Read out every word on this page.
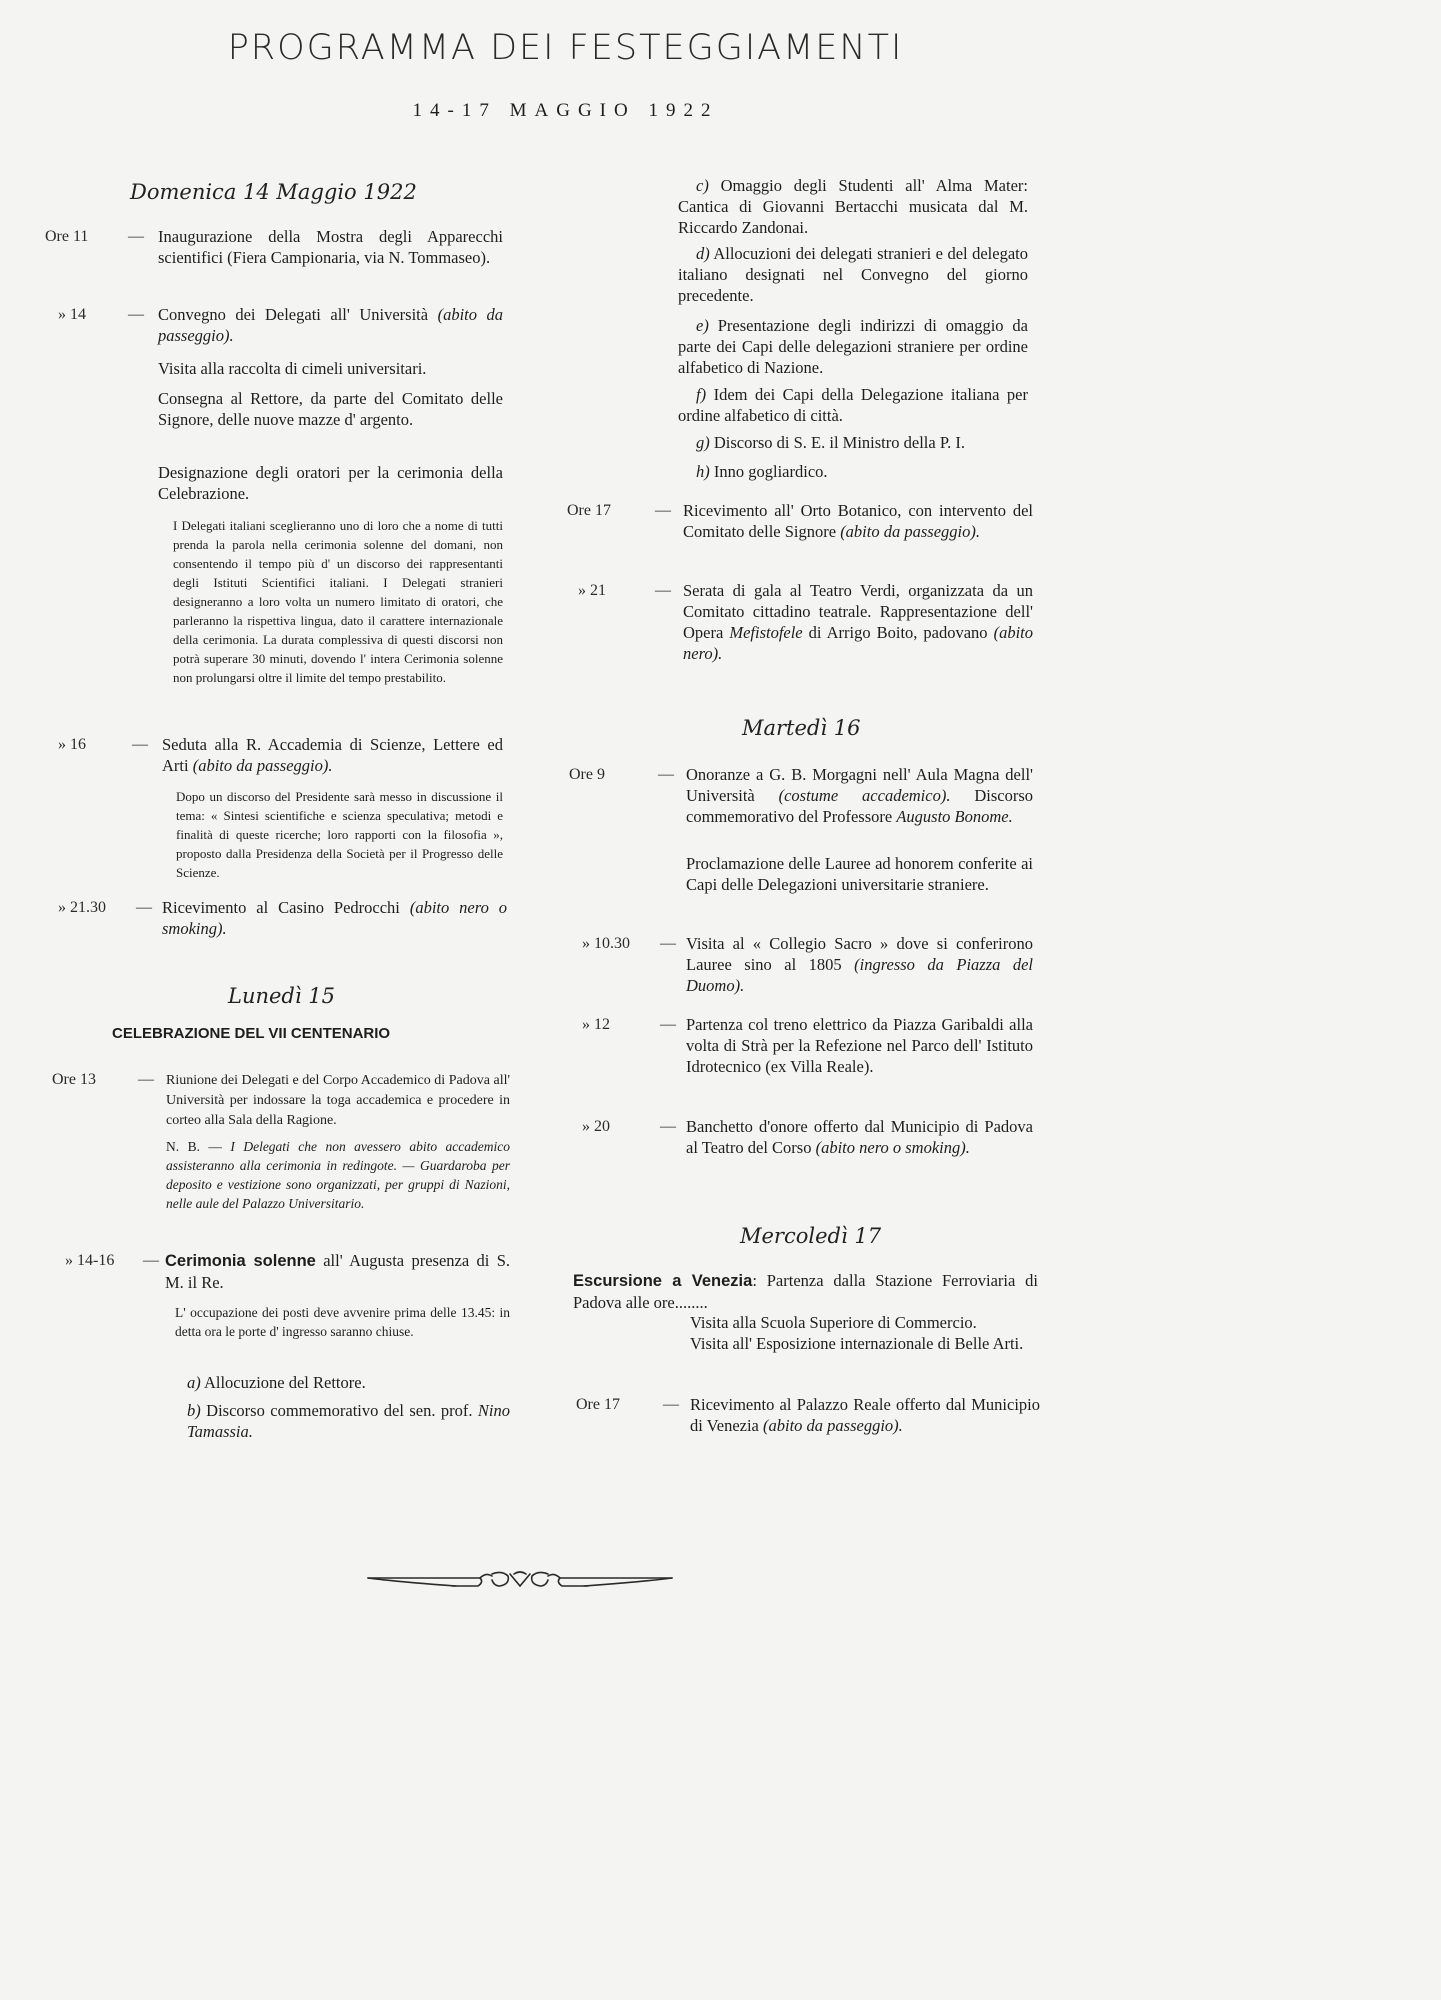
PROGRAMMA DEI FESTEGGIAMENTI
14-17 MAGGIO 1922
Domenica 14 Maggio 1922
Ore 11 — Inaugurazione della Mostra degli Apparecchi scientifici (Fiera Campionaria, via N. Tommaseo).
» 14	— Convegno dei Delegati all' Università (abito da passeggio).
Visita alla raccolta di cimeli universitari.
Consegna al Rettore, da parte del Comitato delle Signore, delle nuove mazze d' argento.
Designazione degli oratori per la cerimonia della Celebrazione.
I Delegati italiani sceglieranno uno di loro che a nome di tutti prenda la parola nella cerimonia solenne del domani, non consentendo il tempo più d' un discorso dei rappresentanti degli Istituti Scientifici italiani. I Delegati stranieri designeranno a loro volta un numero limitato di oratori, che parleranno la rispettiva lingua, dato il carattere internazionale della cerimonia. La durata complessiva di questi discorsi non potrà superare 30 minuti, dovendo l' intera Cerimonia solenne non prolungarsi oltre il limite del tempo prestabilito.
» 16	— Seduta alla R. Accademia di Scienze, Lettere ed Arti (abito da passeggio).
Dopo un discorso del Presidente sarà messo in discussione il tema: « Sintesi scientifiche e scienza speculativa; metodi e finalità di queste ricerche; loro rapporti con la filosofia », proposto dalla Presidenza della Società per il Progresso delle Scienze.
» 21.30 — Ricevimento al Casino Pedrocchi (abito nero o smoking).
Lunedì 15
CELEBRAZIONE DEL VII CENTENARIO
Ore 13	— Riunione dei Delegati e del Corpo Accademico di Padova all' Università per indossare la toga accademica e procedere in corteo alla Sala della Ragione.
N. B. — I Delegati che non avessero abito accademico assisteranno alla cerimonia in redingote. — Guardaroba per deposito e vestizione sono organizzati, per gruppi di Nazioni, nelle aule del Palazzo Universitario.
» 14-16 — Cerimonia solenne all' Augusta presenza di S. M. il Re.
L' occupazione dei posti deve avvenire prima delle 13.45: in detta ora le porte d' ingresso saranno chiuse.
a) Allocuzione del Rettore.
b) Discorso commemorativo del sen. prof. Nino Tamassia.
c) Omaggio degli Studenti all' Alma Mater: Cantica di Giovanni Bertacchi musicata dal M. Riccardo Zandonai.
d) Allocuzioni dei delegati stranieri e del delegato italiano designati nel Convegno del giorno precedente.
e) Presentazione degli indirizzi di omaggio da parte dei Capi delle delegazioni straniere per ordine alfabetico di Nazione.
f) Idem dei Capi della Delegazione italiana per ordine alfabetico di città.
g) Discorso di S. E. il Ministro della P. I.
h) Inno gogliardico.
Ore 17	— Ricevimento all' Orto Botanico, con intervento del Comitato delle Signore (abito da passeggio).
» 21	— Serata di gala al Teatro Verdi, organizzata da un Comitato cittadino teatrale. Rappresentazione dell' Opera Mefistofele di Arrigo Boito, padovano (abito nero).
Martedì 16
Ore 9	— Onoranze a G. B. Morgagni nell' Aula Magna dell' Università (costume accademico). Discorso commemorativo del Professore Augusto Bonome.
Proclamazione delle Lauree ad honorem conferite ai Capi delle Delegazioni universitarie straniere.
» 10.30 — Visita al « Collegio Sacro » dove si conferirono Lauree sino al 1805 (ingresso da Piazza del Duomo).
» 12	— Partenza col treno elettrico da Piazza Garibaldi alla volta di Strà per la Refezione nel Parco dell' Istituto Idrotecnico (ex Villa Reale).
» 20	— Banchetto d'onore offerto dal Municipio di Padova al Teatro del Corso (abito nero o smoking).
Mercoledì 17
Escursione a Venezia: Partenza dalla Stazione Ferroviaria di Padova alle ore........
Visita alla Scuola Superiore di Commercio.
Visita all' Esposizione internazionale di Belle Arti.
Ore 17	— Ricevimento al Palazzo Reale offerto dal Municipio di Venezia (abito da passeggio).
